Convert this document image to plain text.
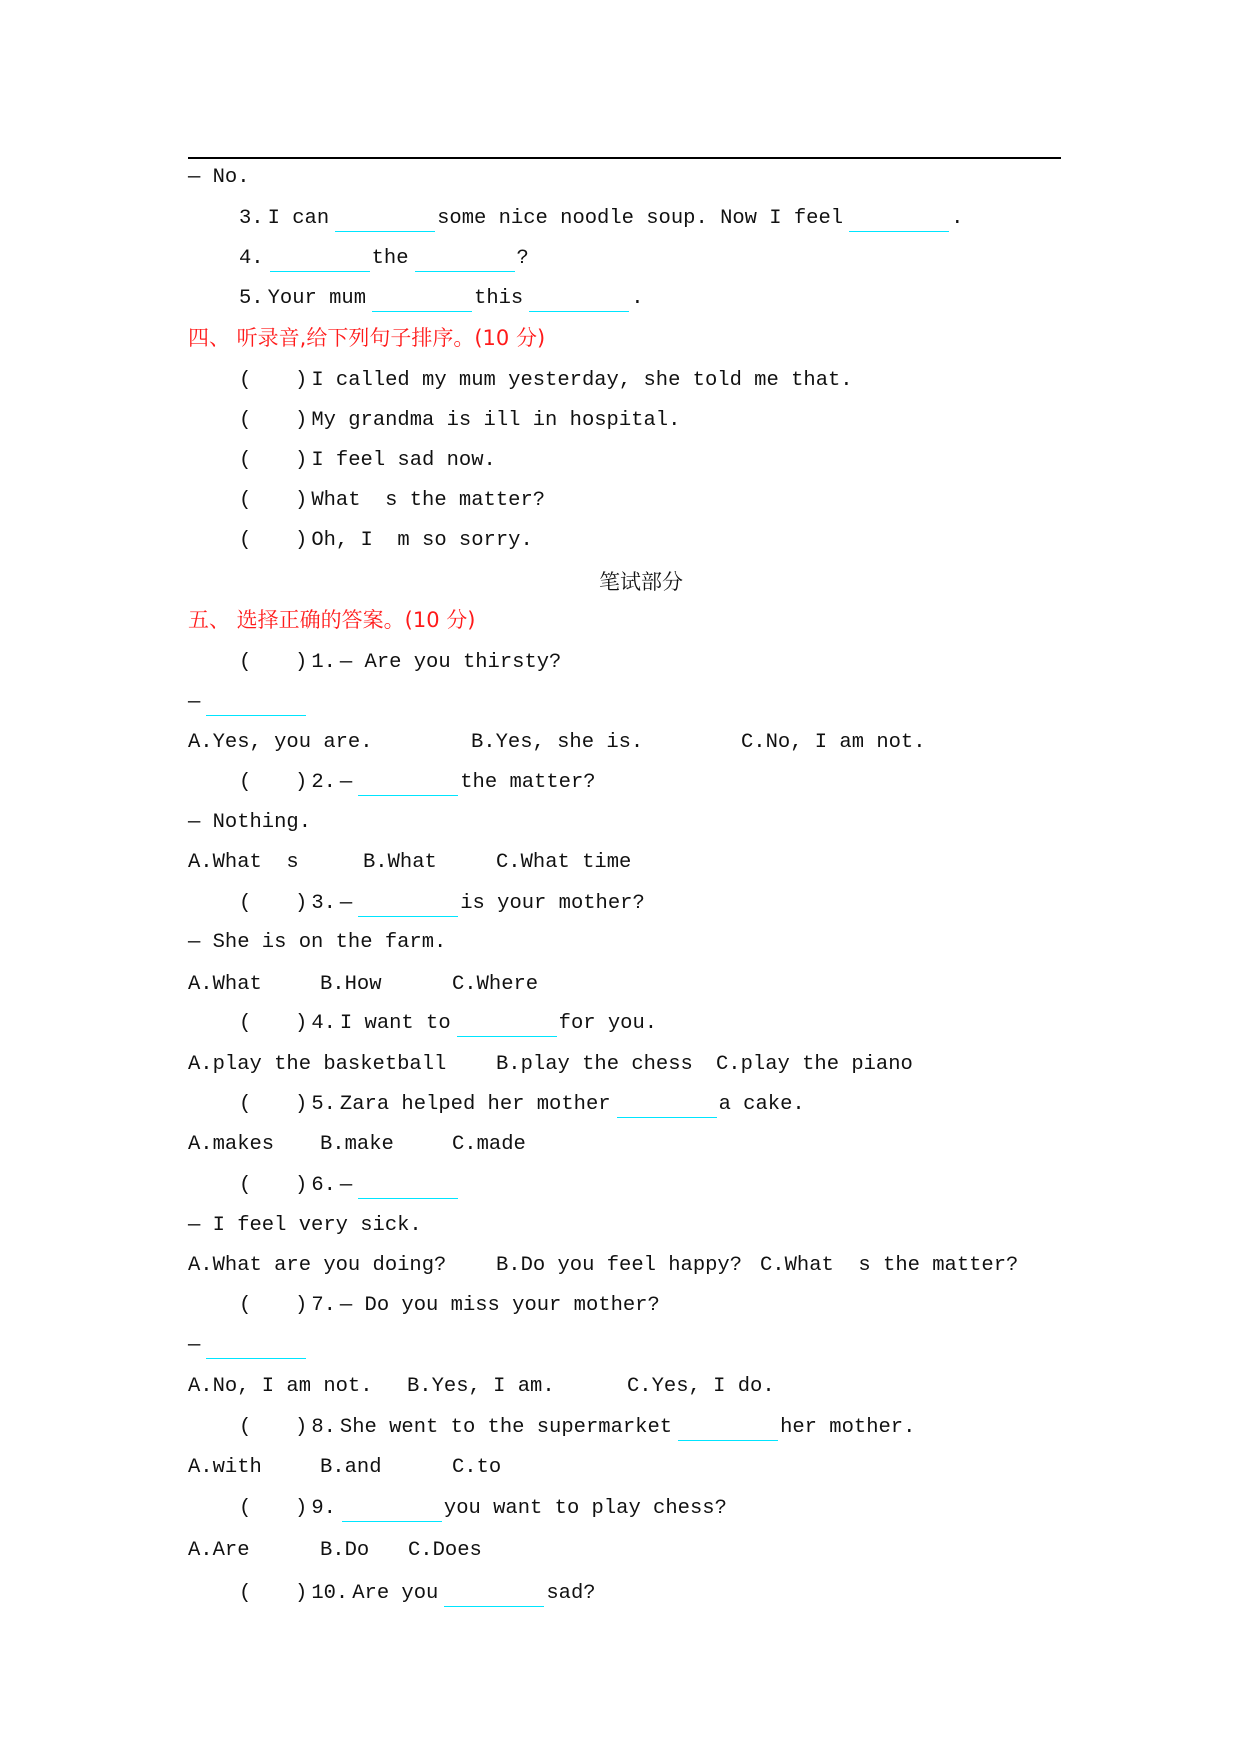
— No.
3. I can	some nice noodle soup. Now I feel	.
4.	the	?
5. Your mum	this	.
四、 听录音,给下列句子排序。(10 分)
( ) I called my mum yesterday, she told me that.
( ) My grandma is ill in hospital.
( ) I feel sad now.
( ) What  s the matter?
( ) Oh, I  m so sorry.
笔试部分
五、 选择正确的答案。(10 分)
( ) 1. — Are you thirsty?
—
A.Yes, you are.	B.Yes, she is.	C.No, I am not.
( ) 2. —	the matter?
— Nothing.
A.What  s	B.What	C.What time
( ) 3. —	is your mother?
— She is on the farm.
A.What	B.How	C.Where
( ) 4. I want to	for you.
A.play the basketball B.play the chess C.play the piano
( ) 5. Zara helped her mother	a cake.
A.makes B.make	C.made
( ) 6. —
— I feel very sick.
A.What are you doing? B.Do you feel happy? C.What  s the matter?
( ) 7. — Do you miss your mother?
—
A.No, I am not. B.Yes, I am.	C.Yes, I do.
( ) 8. She went to the supermarket	her mother.
A.with	B.and	C.to
( ) 9.	you want to play chess?
A.Are	B.Do C.Does
( ) 10. Are you	sad?
